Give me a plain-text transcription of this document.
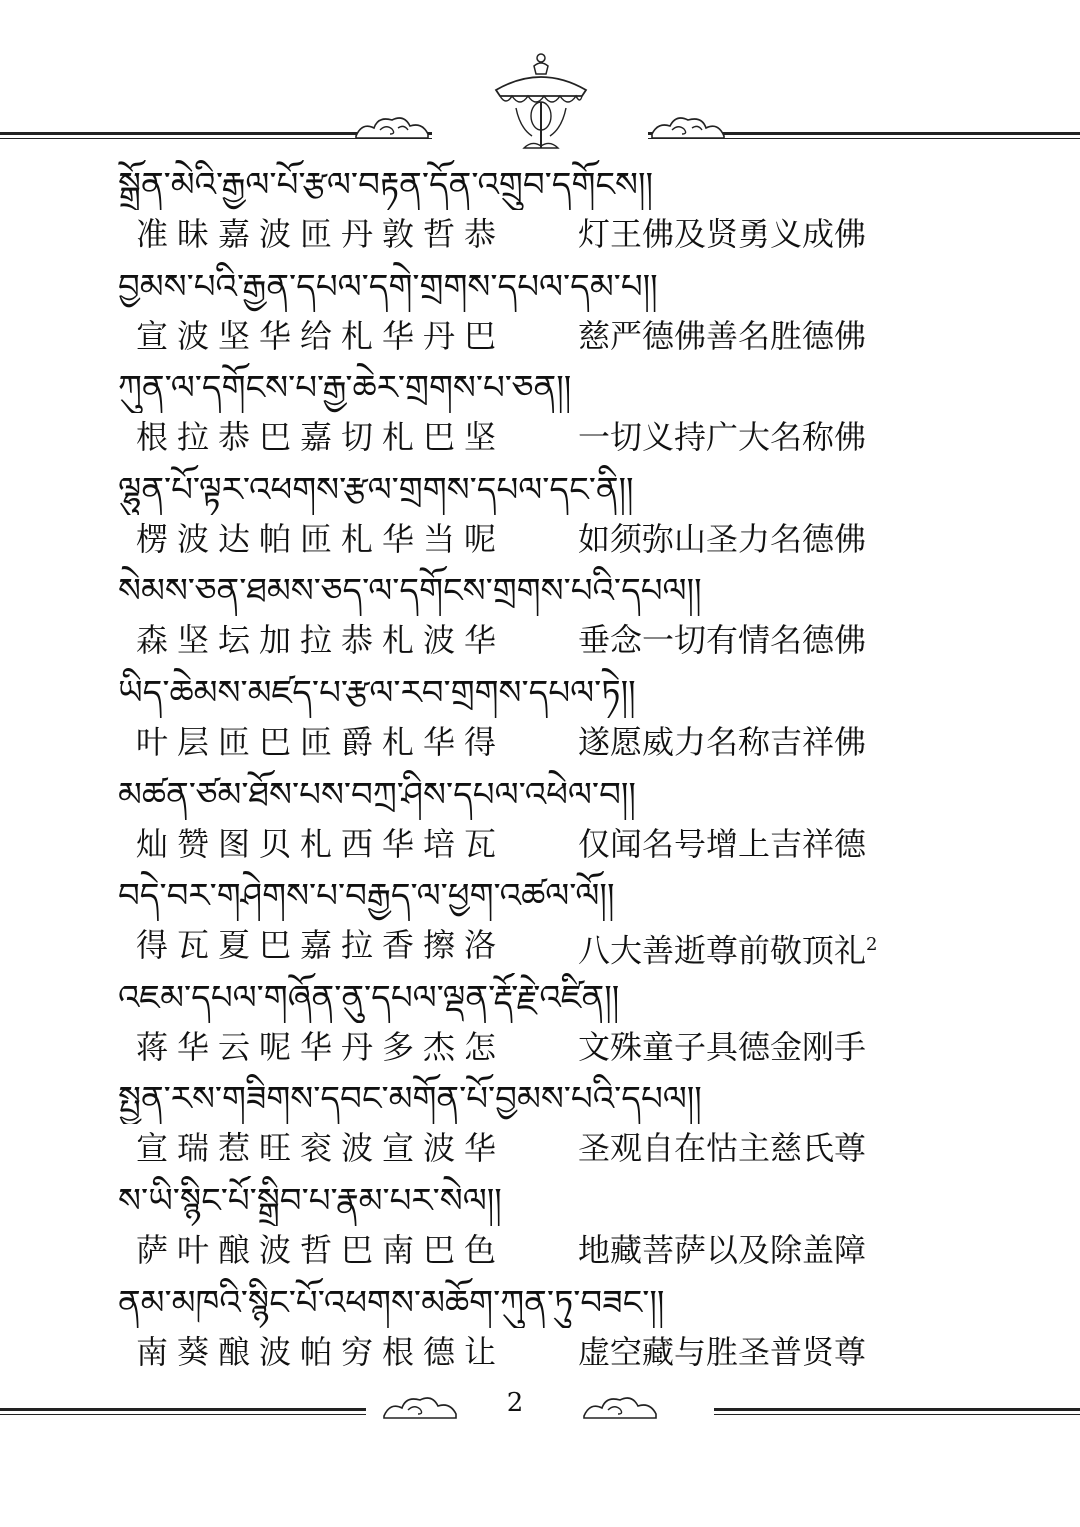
སྒྲོན་མེའི་རྒྱལ་པོ་རྩལ་བརྟན་དོན་འགྲུབ་དགོངས།།
准昧嘉波匝丹敦哲恭	灯王佛及贤勇义成佛
བྱམས་པའི་རྒྱན་དཔལ་དགེ་གྲགས་དཔལ་དམ་པ།།
宣波坚华给札华丹巴	慈严德佛善名胜德佛
ཀུན་ལ་དགོངས་པ་རྒྱ་ཆེར་གྲགས་པ་ཅན།།
根拉恭巴嘉切札巴坚	一切义持广大名称佛
ལྷུན་པོ་ལྟར་འཕགས་རྩལ་གྲགས་དཔལ་དང་ནི།།
楞波达帕匝札华当呢	如须弥山圣力名德佛
སེམས་ཅན་ཐམས་ཅད་ལ་དགོངས་གྲགས་པའི་དཔལ།།
森坚坛加拉恭札波华	垂念一切有情名德佛
ཡིད་ཆེམས་མཛད་པ་རྩལ་རབ་གྲགས་དཔལ་ཏེ།།
叶层匝巴匝爵札华得	遂愿威力名称吉祥佛
མཚན་ཙམ་ཐོས་པས་བཀྲ་ཤིས་དཔལ་འཕེལ་བ།།
灿赞图贝札西华培瓦	仅闻名号增上吉祥德
བདེ་བར་གཤེགས་པ་བརྒྱད་ལ་ཕྱག་འཚལ་ལོ།།
得瓦夏巴嘉拉香擦洛	八大善逝尊前敬顶礼$^2$
འཇམ་དཔལ་གཞོན་ནུ་དཔལ་ལྡན་རྡོ་རྗེ་འཛིན།།
蒋华云呢华丹多杰怎	文殊童子具德金刚手
སྤྱན་རས་གཟིགས་དབང་མགོན་པོ་བྱམས་པའི་དཔལ།།
宣瑞惹旺衮波宣波华	圣观自在怙主慈氏尊
ས་ཡི་སྙིང་པོ་སྒྲིབ་པ་རྣམ་པར་སེལ།།
萨叶酿波哲巴南巴色	地藏菩萨以及除盖障
ནམ་མཁའི་སྙིང་པོ་འཕགས་མཆོག་ཀུན་ཏུ་བཟང་།།
南葵酿波帕穷根德让	虚空藏与胜圣普贤尊
2
